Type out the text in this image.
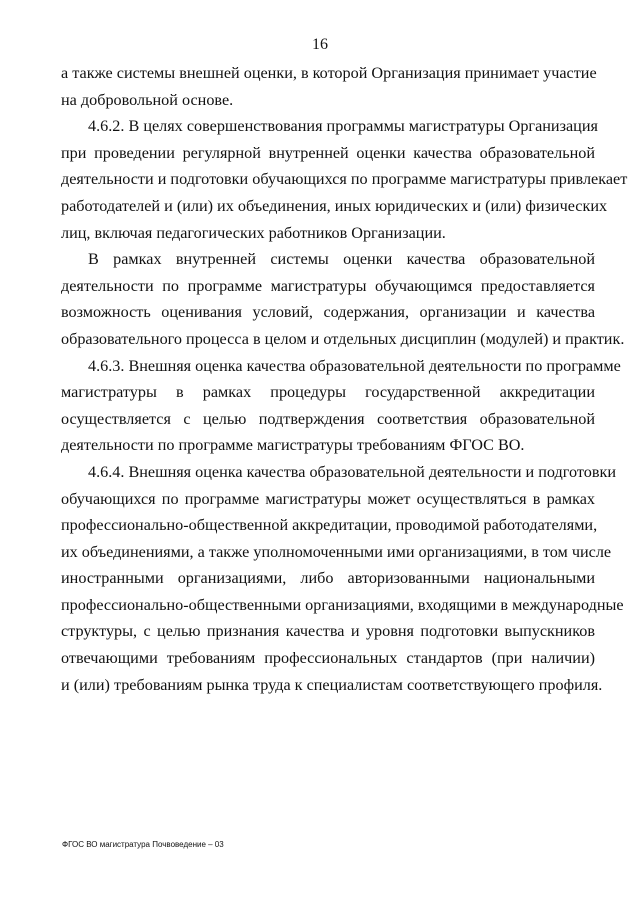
16

а также системы внешней оценки, в которой Организация принимает участие
на добровольной основе.

4.6.2. В целях совершенствования программы магистратуры Организация
при проведении регулярной внутренней оценки качества образовательной
деятельности и подготовки обучающихся по программе магистратуры привлекает
работодателей и (или) их объединения, иных юридических и (или) физических
лиц, включая педагогических работников Организации.

В рамках внутренней системы оценки качества образовательной
деятельности по программе магистратуры обучающимся предоставляется
возможность оценивания условий, содержания, организации и качества
образовательного процесса в целом и отдельных дисциплин (модулей) и практик.

4.6.3. Внешняя оценка качества образовательной деятельности по программе
магистратуры в рамках процедуры государственной аккредитации
осуществляется с целью подтверждения соответствия образовательной
деятельности по программе магистратуры требованиям ФГОС ВО.

4.6.4. Внешняя оценка качества образовательной деятельности и подготовки
обучающихся по программе магистратуры может осуществляться в рамках
профессионально-общественной аккредитации, проводимой работодателями,
их объединениями, а также уполномоченными ими организациями, в том числе
иностранными организациями, либо авторизованными национальными
профессионально-общественными организациями, входящими в международные
структуры, с целью признания качества и уровня подготовки выпускников
отвечающими требованиям профессиональных стандартов (при наличии)
и (или) требованиям рынка труда к специалистам соответствующего профиля.

ФГОС ВО магистратура Почвоведение – 03
